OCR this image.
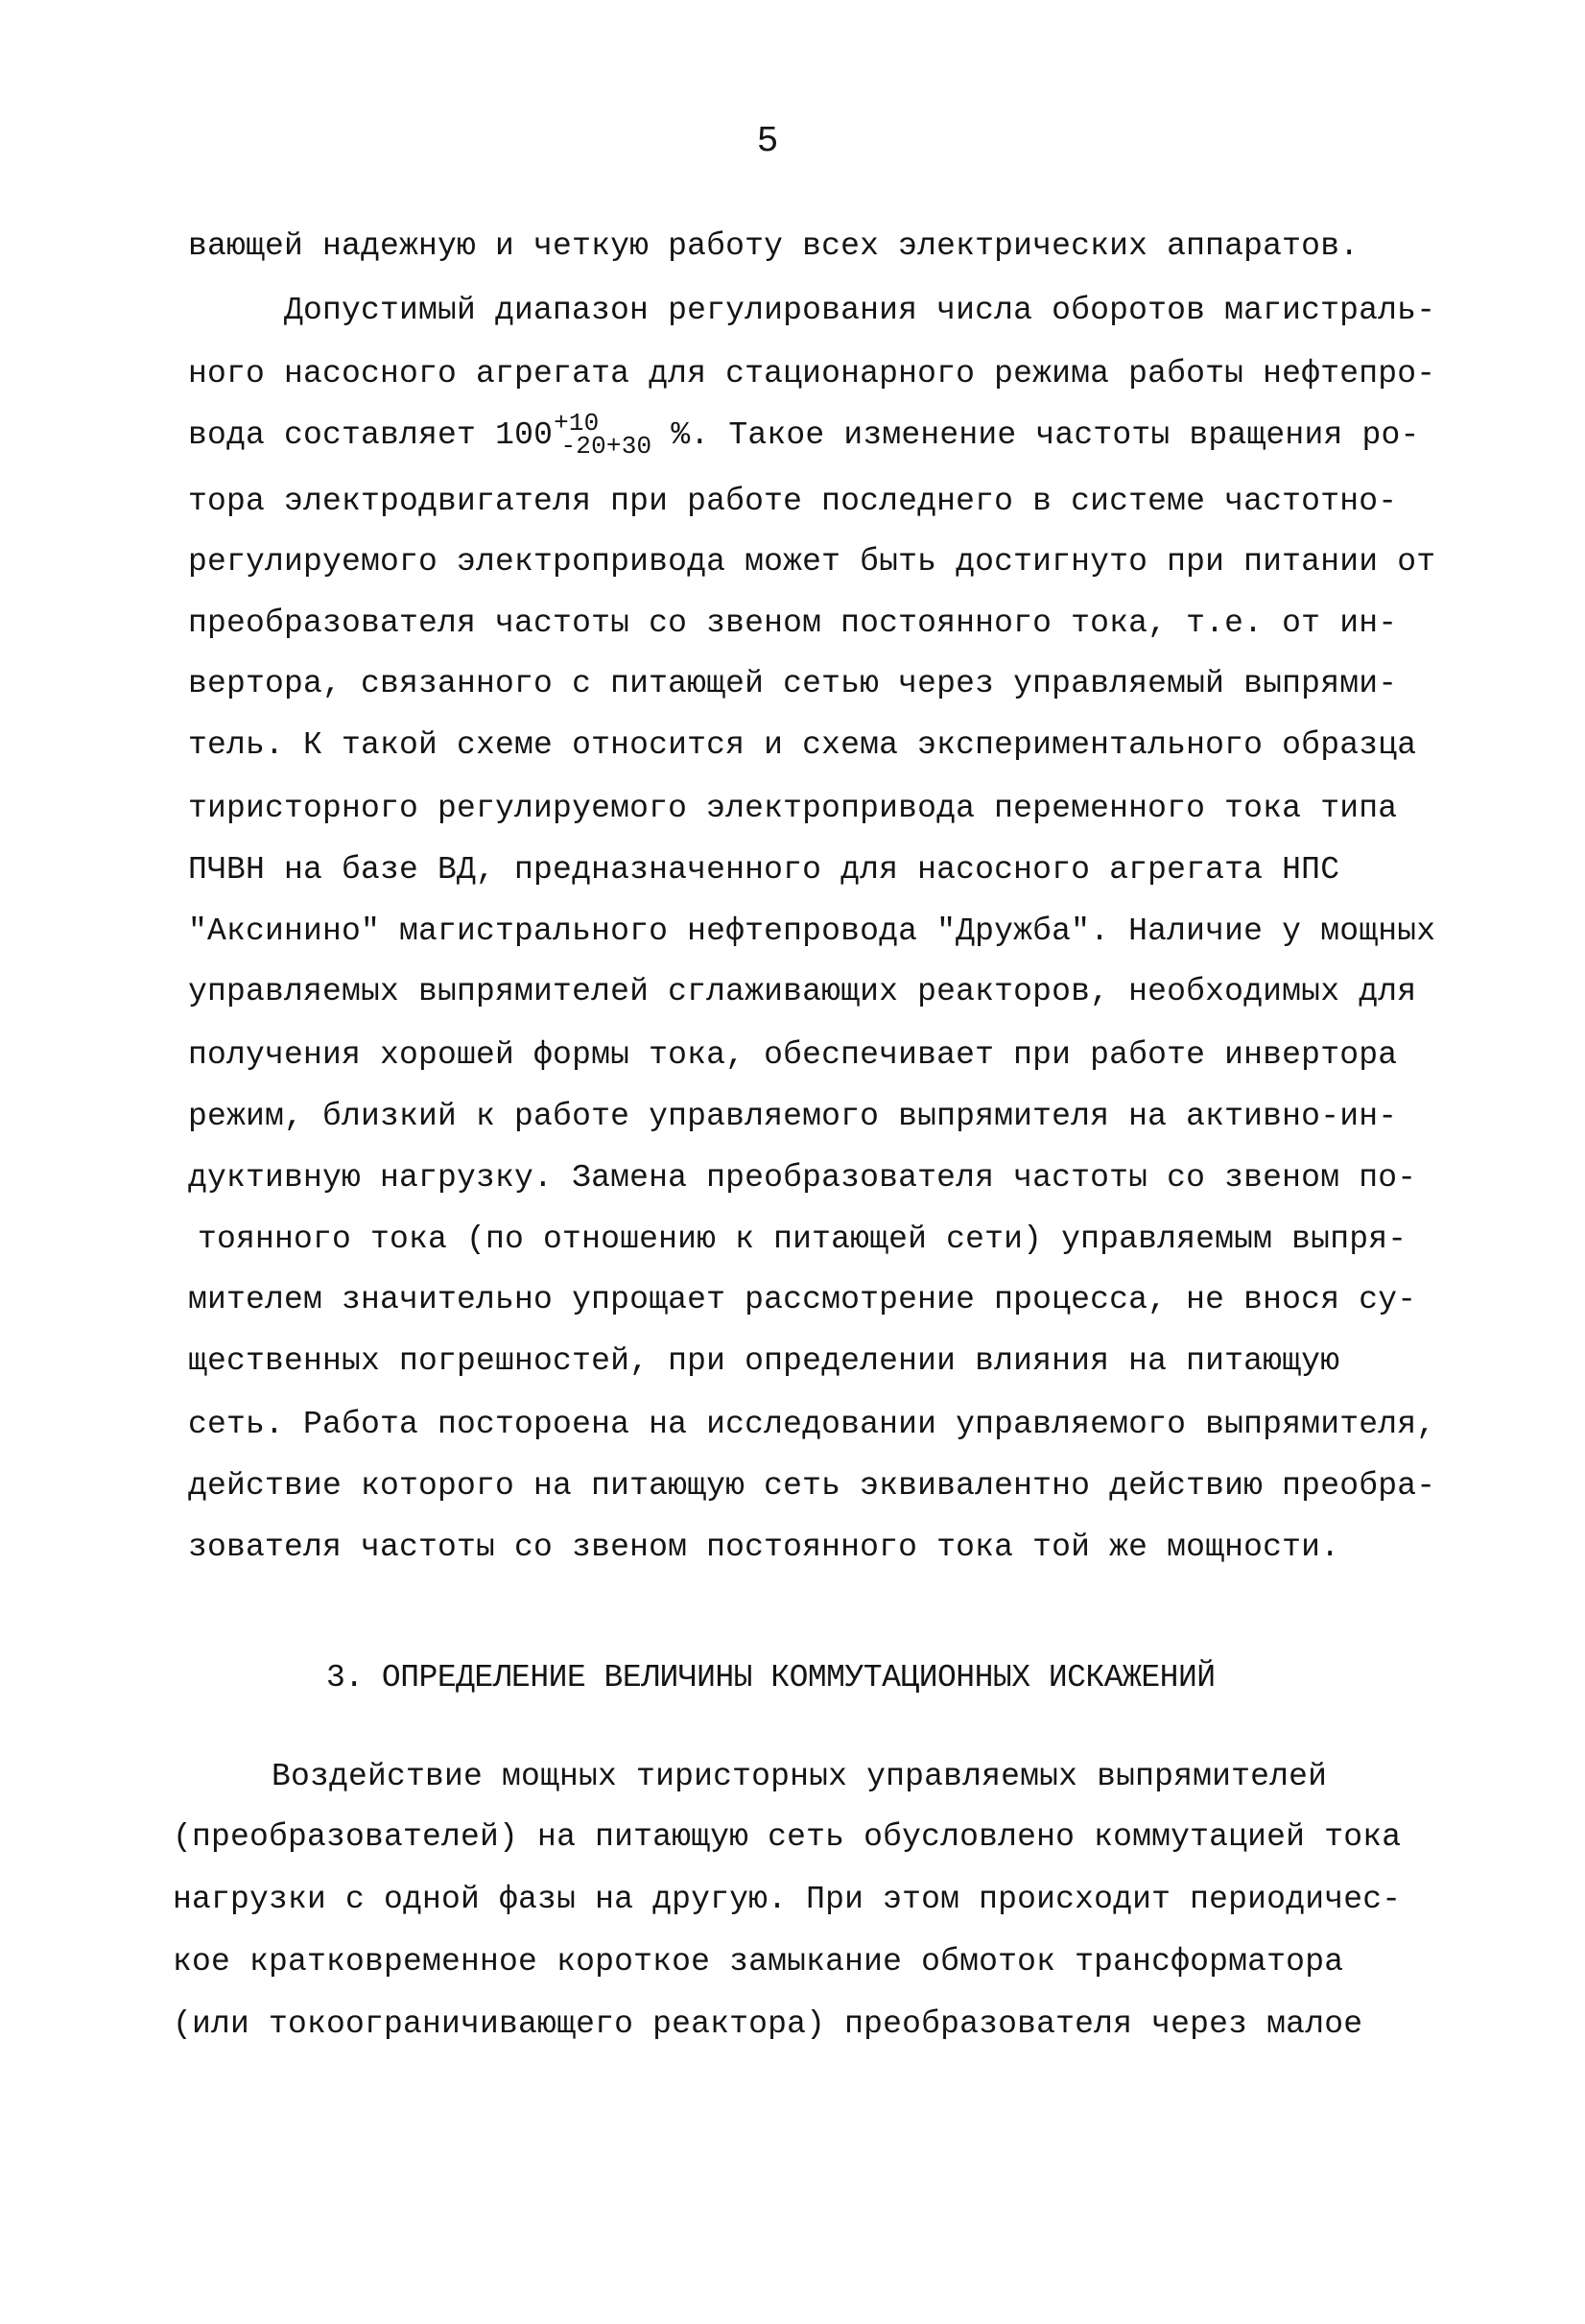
5
вающей надежную и четкую работу всех электрических аппаратов.
Допустимый диапазон регулирования числа оборотов магистраль-
ного насосного агрегата для стационарного режима работы нефтепро-
вода составляет $100^{+10}_{-20+30}$ %. Такое изменение частоты вращения ро-
тора электродвигателя при работе последнего в системе частотно-
регулируемого электропривода может быть достигнуто при питании от
преобразователя частоты со звеном постоянного тока, т.е. от ин-
вертора, связанного с питающей сетью через управляемый выпрями-
тель. К такой схеме относится и схема экспериментального образца
тиристорного регулируемого электропривода переменного тока типа
ПЧВН на базе ВД, предназначенного для насосного агрегата НПС
"Аксинино" магистрального нефтепровода "Дружба". Наличие у мощных
управляемых выпрямителей сглаживающих реакторов, необходимых для
получения хорошей формы тока, обеспечивает при работе инвертора
режим, близкий к работе управляемого выпрямителя на активно-ин-
дуктивную нагрузку. Замена преобразователя частоты со звеном по-
тоянного тока (по отношению к питающей сети) управляемым выпря-
мителем значительно упрощает рассмотрение процесса, не внося су-
щественных погрешностей, при определении влияния на питающую
сеть. Работа посторoена на исследовании управляемого выпрямителя,
действие которого на питающую сеть эквивалентно действию преобра-
зователя частоты со звеном постоянного тока той же мощности.
3. ОПРЕДЕЛЕНИЕ ВЕЛИЧИНЫ КОММУТАЦИОННЫХ ИСКАЖЕНИЙ
Воздействие мощных тиристорных управляемых выпрямителей
(преобразователей) на питающую сеть обусловлено коммутацией тока
нагрузки с одной фазы на другую. При этом происходит периодичес-
кое кратковременное короткое замыкание обмоток трансформатора
(или токоограничивающего реактора) преобразователя через малое
